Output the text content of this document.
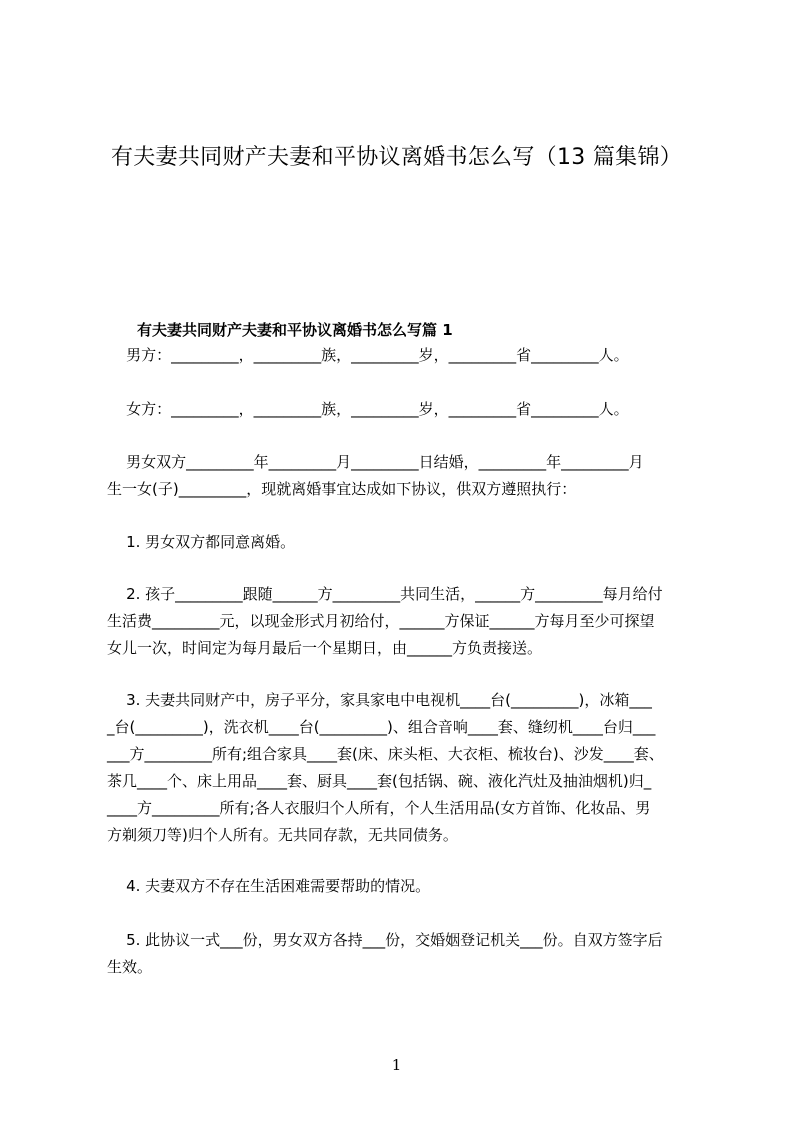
有夫妻共同财产夫妻和平协议离婚书怎么写（13 篇集锦）
有夫妻共同财产夫妻和平协议离婚书怎么写篇 1

男方：_________，_________族，_________岁，_________省_________人。

女方：_________，_________族，_________岁，_________省_________人。

男女双方_________年_________月_________日结婚，_________年_________月
生一女(子)_________，现就离婚事宜达成如下协议，供双方遵照执行：

1. 男女双方都同意离婚。

2. 孩子_________跟随______方_________共同生活，______方_________每月给付
生活费_________元，以现金形式月初给付，______方保证______方每月至少可探望
女儿一次，时间定为每月最后一个星期日，由______方负责接送。

3. 夫妻共同财产中，房子平分，家具家电中电视机____台(_________)，冰箱___
_台(_________)，洗衣机____台(_________)、组合音响____套、缝纫机____台归___
___方_________所有;组合家具____套(床、床头柜、大衣柜、梳妆台)、沙发____套、
茶几____个、床上用品____套、厨具____套(包括锅、碗、液化汽灶及抽油烟机)归_
____方_________所有;各人衣服归个人所有，个人生活用品(女方首饰、化妆品、男
方剃须刀等)归个人所有。无共同存款，无共同债务。

4. 夫妻双方不存在生活困难需要帮助的情况。

5. 此协议一式___份，男女双方各持___份，交婚姻登记机关___份。自双方签字后
生效。

1
